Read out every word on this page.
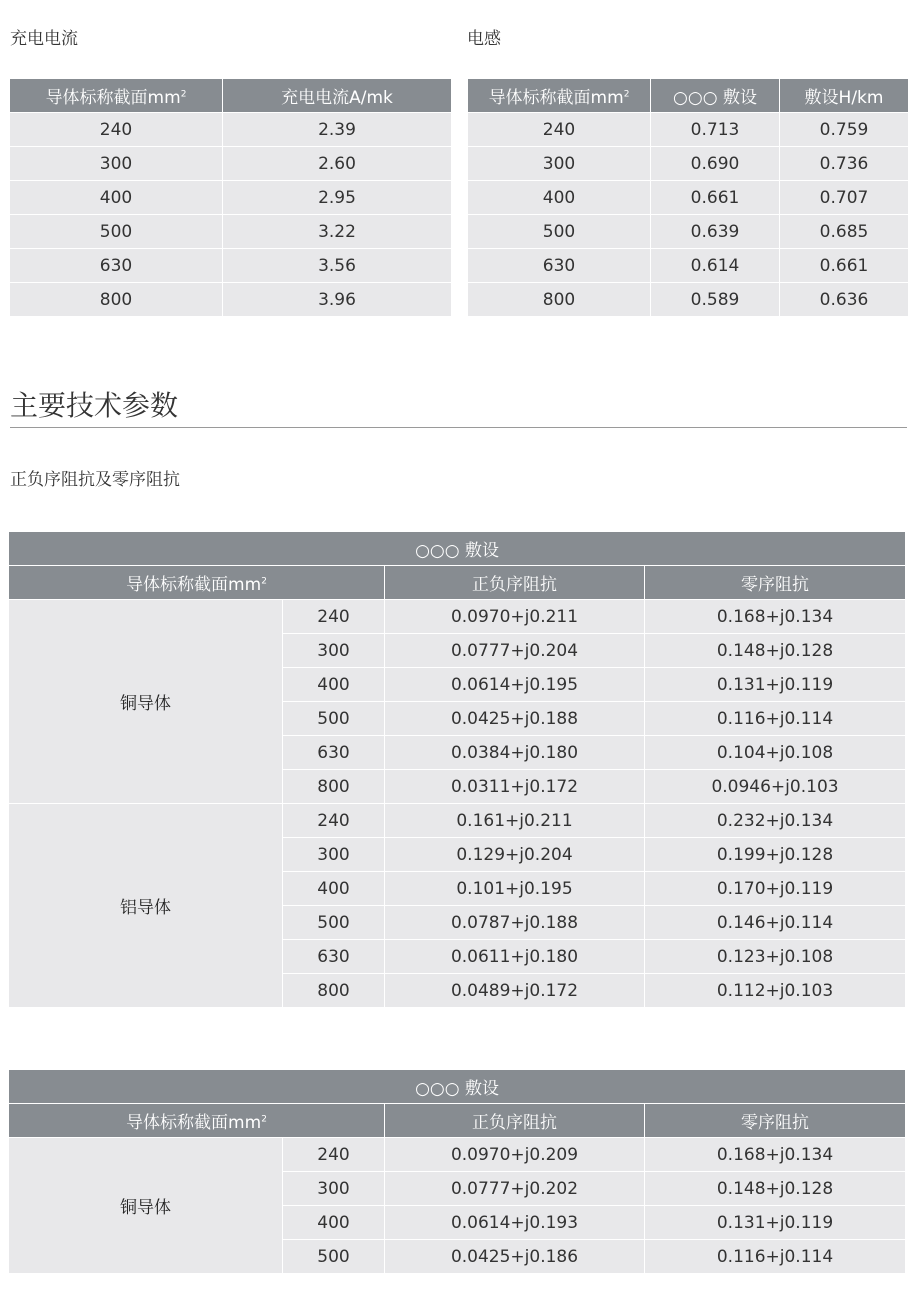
充电电流	电感
导体标称截面$mm^2$	充电电流A/mk
240	2.39
300	2.60
400	2.95
500	3.22
630	3.56
800	3.96
导体标称截面$mm^2$	○○○ 敷设	敷设H/km
240	0.713	0.759
300	0.690	0.736
400	0.661	0.707
500	0.639	0.685
630	0.614	0.661
800	0.589	0.636
主要技术参数
正负序阻抗及零序阻抗
○○○ 敷设			
导体标称截面$mm^2$		正负序阻抗	零序阻抗
铜导体	240	0.0970+j0.211	0.168+j0.134
	300	0.0777+j0.204	0.148+j0.128
	400	0.0614+j0.195	0.131+j0.119
	500	0.0425+j0.188	0.116+j0.114
	630	0.0384+j0.180	0.104+j0.108
	800	0.0311+j0.172	0.0946+j0.103
铝导体	240	0.161+j0.211	0.232+j0.134
	300	0.129+j0.204	0.199+j0.128
	400	0.101+j0.195	0.170+j0.119
	500	0.0787+j0.188	0.146+j0.114
	630	0.0611+j0.180	0.123+j0.108
	800	0.0489+j0.172	0.112+j0.103
○○○ 敷设			
导体标称截面$mm^2$		正负序阻抗	零序阻抗
铜导体	240	0.0970+j0.209	0.168+j0.134
	300	0.0777+j0.202	0.148+j0.128
	400	0.0614+j0.193	0.131+j0.119
	500	0.0425+j0.186	0.116+j0.114
